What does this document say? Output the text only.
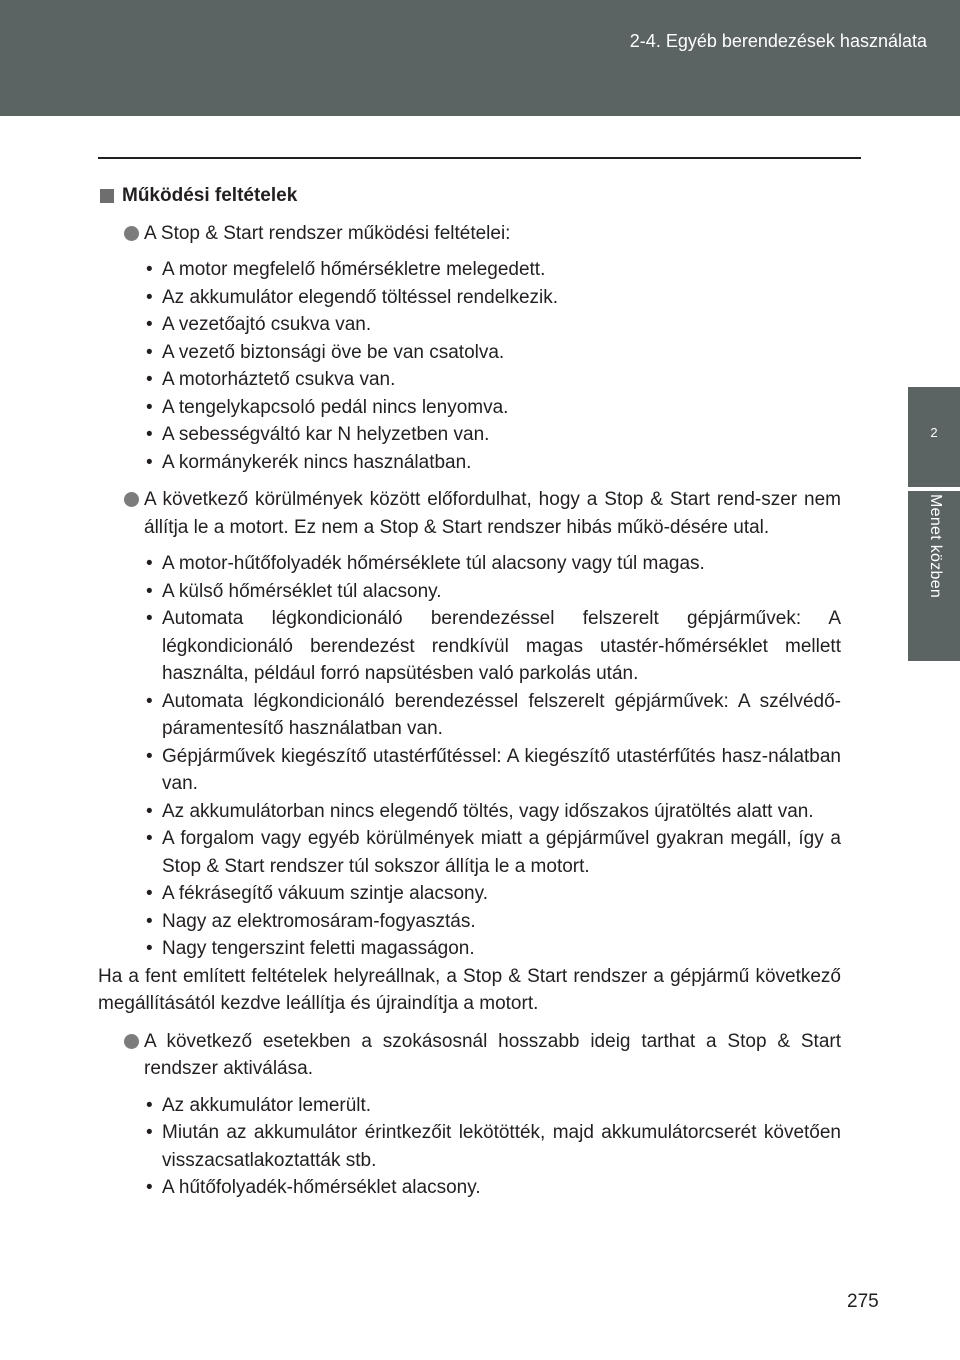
2-4. Egyéb berendezések használata
2
Menet közben
Működési feltételek
A Stop & Start rendszer működési feltételei:
• A motor megfelelő hőmérsékletre melegedett.
• Az akkumulátor elegendő töltéssel rendelkezik.
• A vezetőajtó csukva van.
• A vezető biztonsági öve be van csatolva.
• A motorháztető csukva van.
• A tengelykapcsoló pedál nincs lenyomva.
• A sebességváltó kar N helyzetben van.
• A kormánykerék nincs használatban.
A következő körülmények között előfordulhat, hogy a Stop & Start rend-szer nem állítja le a motort. Ez nem a Stop & Start rendszer hibás műkö-désére utal.
• A motor-hűtőfolyadék hőmérséklete túl alacsony vagy túl magas.
• A külső hőmérséklet túl alacsony.
• Automata légkondicionáló berendezéssel felszerelt gépjárművek: A légkondicionáló berendezést rendkívül magas utastér-hőmérséklet mellett használta, például forró napsütésben való parkolás után.
• Automata légkondicionáló berendezéssel felszerelt gépjárművek: A szélvédő-páramentesítő használatban van.
• Gépjárművek kiegészítő utastérfűtéssel: A kiegészítő utastérfűtés hasz-nálatban van.
• Az akkumulátorban nincs elegendő töltés, vagy időszakos újratöltés alatt van.
• A forgalom vagy egyéb körülmények miatt a gépjárművel gyakran megáll, így a Stop & Start rendszer túl sokszor állítja le a motort.
• A fékrásegítő vákuum szintje alacsony.
• Nagy az elektromosáram-fogyasztás.
• Nagy tengerszint feletti magasságon.
Ha a fent említett feltételek helyreállnak, a Stop & Start rendszer a gépjármű következő megállításától kezdve leállítja és újraindítja a motort.
A következő esetekben a szokásosnál hosszabb ideig tarthat a Stop & Start rendszer aktiválása.
• Az akkumulátor lemerült.
• Miután az akkumulátor érintkezőit lekötötték, majd akkumulátorcserét követően visszacsatlakoztatták stb.
• A hűtőfolyadék-hőmérséklet alacsony.
275
